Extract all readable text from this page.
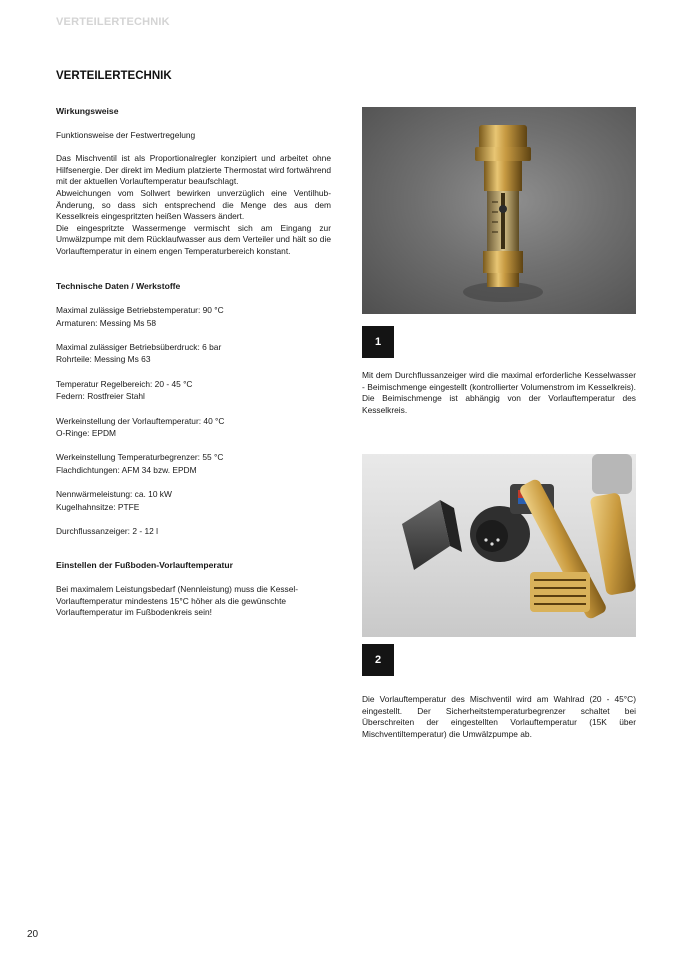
VERTEILERTECHNIK
VERTEILERTECHNIK
Wirkungsweise

Funktionsweise der Festwertregelung

Das Mischventil ist als Proportionalregler konzipiert und arbeitet ohne Hilfsenergie. Der direkt im Medium platzierte Thermostat wird fortwährend mit der aktuellen Vorlauftemperatur beaufschlagt.

Abweichungen vom Sollwert bewirken unverzüglich eine Ventilhub-Änderung, so dass sich entsprechend die Menge des aus dem Kesselkreis eingespritzten heißen Wassers ändert.

Die eingespritzte Wassermenge vermischt sich am Eingang zur Umwälzpumpe mit dem Rücklaufwasser aus dem Verteiler und hält so die Vorlauftemperatur in einem engen Temperaturbereich konstant.

Technische Daten / Werkstoffe
Maximal zulässige Betriebstemperatur: 90 °C
Armaturen: Messing Ms 58
Maximal zulässiger Betriebsüberdruck: 6 bar
Rohrteile: Messing Ms 63
Temperatur Regelbereich: 20 - 45 °C
Federn: Rostfreier Stahl
Werkeinstellung der Vorlauftemperatur: 40 °C
O-Ringe: EPDM
Werkeinstellung Temperaturbegrenzer: 55 °C
Flachdichtungen: AFM 34 bzw. EPDM
Nennwärmeleistung: ca. 10 kW
Kugelhahnsitze: PTFE
Durchflussanzeiger: 2 - 12 l
Einstellen der Fußboden-Vorlauftemperatur

Bei maximalem Leistungsbedarf (Nennleistung) muss die Kessel-Vorlauftemperatur mindestens 15°C höher als die gewünschte Vorlauftemperatur im Fußbodenkreis sein!

1

Mit dem Durchflussanzeiger wird die maximal erforderliche Kesselwasser - Beimischmenge eingestellt (kontrollierter Volumenstrom im Kesselkreis). Die Beimischmenge ist abhängig von der Vorlauftemperatur des Kesselkreis.

2

Die Vorlauftemperatur des Mischventil wird am Wahlrad (20 - 45°C) eingestellt. Der Sicherheitstemperaturbegrenzer schaltet bei Überschreiten der eingestellten Vorlauftemperatur (15K über Mischventiltemperatur) die Umwälzpumpe ab.

20
